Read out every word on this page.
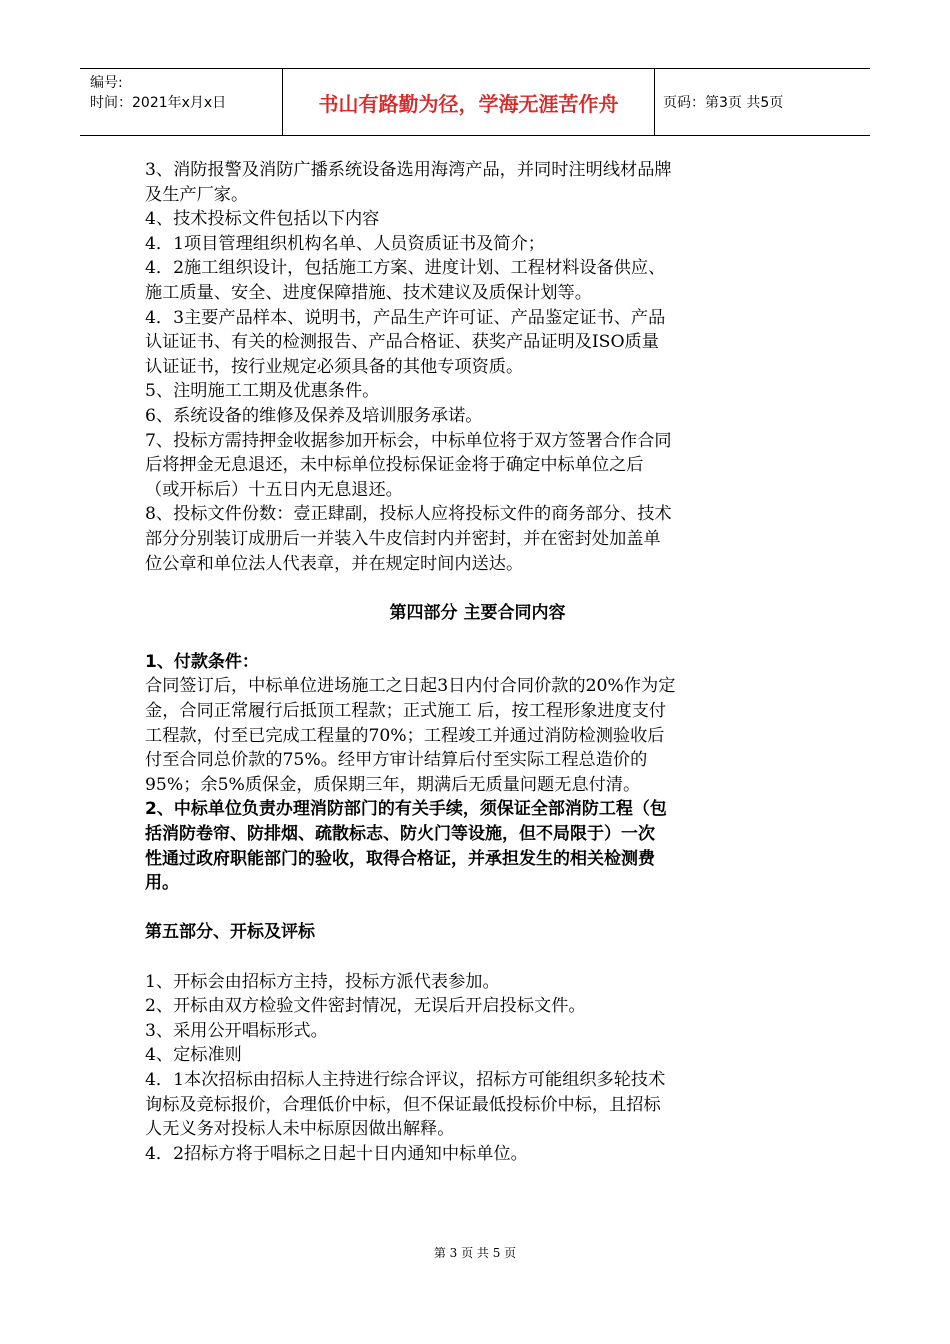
编号:
时间：2021年x月x日	书山有路勤为径，学海无涯苦作舟	页码：第3页 共5页

3、消防报警及消防广播系统设备选用海湾产品，并同时注明线材品牌

及生产厂家。

4、技术投标文件包括以下内容

4．1项目管理组织机构名单、人员资质证书及简介；

4．2施工组织设计，包括施工方案、进度计划、工程材料设备供应、

施工质量、安全、进度保障措施、技术建议及质保计划等。

4．3主要产品样本、说明书，产品生产许可证、产品鉴定证书、产品

认证证书、有关的检测报告、产品合格证、获奖产品证明及ISO质量

认证证书，按行业规定必须具备的其他专项资质。

5、注明施工工期及优惠条件。

6、系统设备的维修及保养及培训服务承诺。

7、投标方需持押金收据参加开标会，中标单位将于双方签署合作合同

后将押金无息退还，未中标单位投标保证金将于确定中标单位之后

（或开标后）十五日内无息退还。

8、投标文件份数：壹正肆副，投标人应将投标文件的商务部分、技术

部分分别装订成册后一并装入牛皮信封内并密封，并在密封处加盖单

位公章和单位法人代表章，并在规定时间内送达。

第四部分 主要合同内容

1、付款条件：

合同签订后，中标单位进场施工之日起3日内付合同价款的20%作为定

金，合同正常履行后抵顶工程款；正式施工 后，按工程形象进度支付

工程款，付至已完成工程量的70%；工程竣工并通过消防检测验收后

付至合同总价款的75%。经甲方审计结算后付至实际工程总造价的

95%；余5%质保金，质保期三年，期满后无质量问题无息付清。

2、中标单位负责办理消防部门的有关手续，须保证全部消防工程（包

括消防卷帘、防排烟、疏散标志、防火门等设施，但不局限于）一次

性通过政府职能部门的验收，取得合格证，并承担发生的相关检测费

用。

第五部分、开标及评标

1、开标会由招标方主持，投标方派代表参加。

2、开标由双方检验文件密封情况，无误后开启投标文件。

3、采用公开唱标形式。

4、定标准则

4．1本次招标由招标人主持进行综合评议，招标方可能组织多轮技术

询标及竞标报价，合理低价中标，但不保证最低投标价中标，且招标

人无义务对投标人未中标原因做出解释。

4．2招标方将于唱标之日起十日内通知中标单位。

第 3 页 共 5 页
